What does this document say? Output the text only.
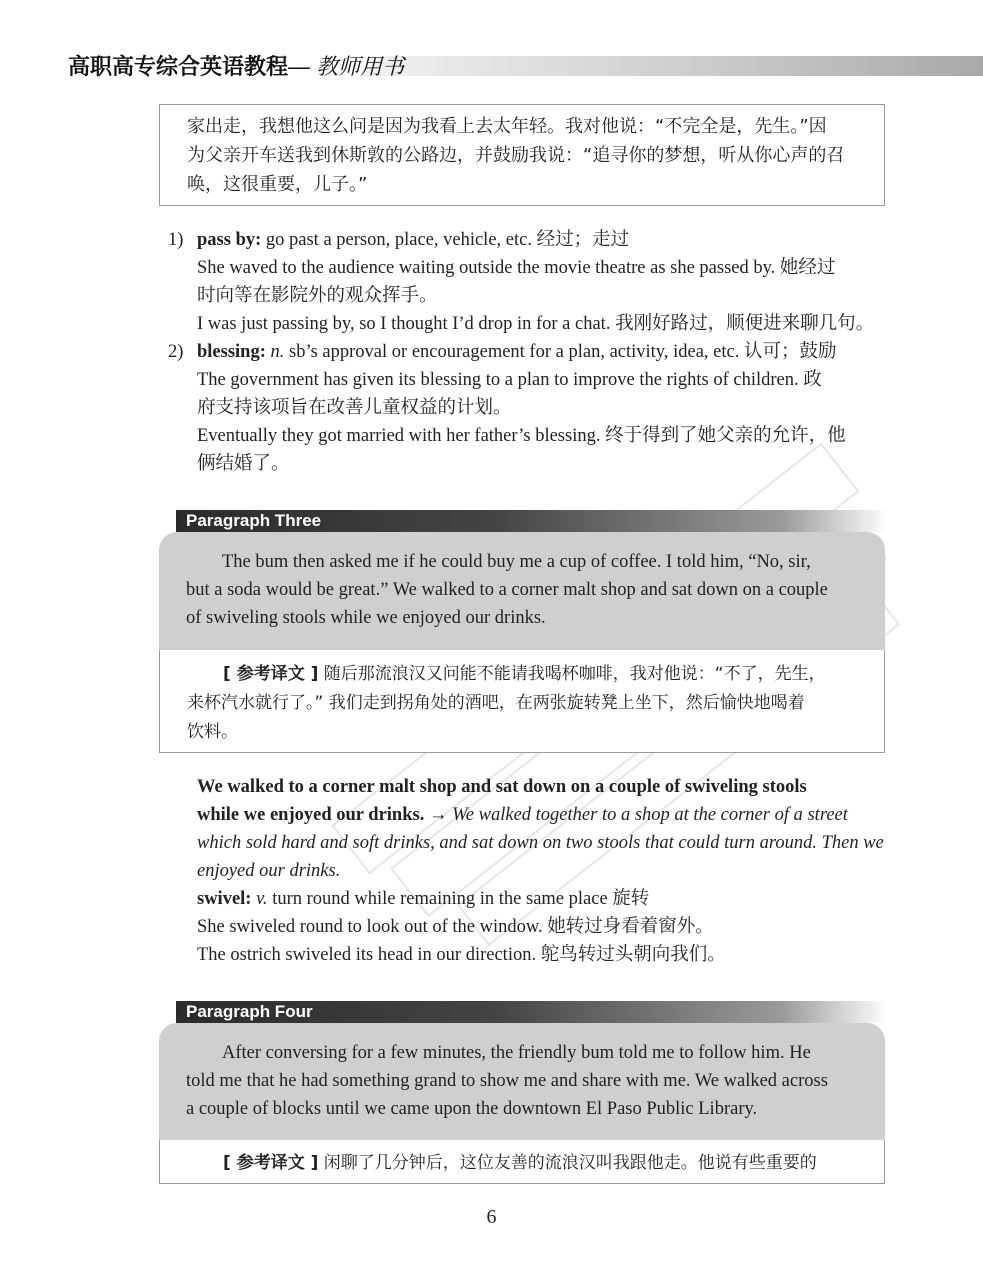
高职高专综合英语教程— 教师用书

家出走，我想他这么问是因为我看上去太年轻。我对他说：“不完全是，先生。”因

为父亲开车送我到休斯敦的公路边，并鼓励我说：“追寻你的梦想，听从你心声的召

唤，这很重要，儿子。”

1) pass by: go past a person, place, vehicle, etc. 经过；走过
She waved to the audience waiting outside the movie theatre as she passed by. 她经过
时向等在影院外的观众挥手。
I was just passing by, so I thought I’d drop in for a chat. 我刚好路过，顺便进来聊几句。
2) blessing: n. sb’s approval or encouragement for a plan, activity, idea, etc. 认可；鼓励
The government has given its blessing to a plan to improve the rights of children. 政
府支持该项旨在改善儿童权益的计划。
Eventually they got married with her father’s blessing. 终于得到了她父亲的允许，他
俩结婚了。
Paragraph Three

The bum then asked me if he could buy me a cup of coffee. I told him, “No, sir,

but a soda would be great.” We walked to a corner malt shop and sat down on a couple

of swiveling stools while we enjoyed our drinks.

[ 参考译文 ] 随后那流浪汉又问能不能请我喝杯咖啡，我对他说：“不了，先生，

来杯汽水就行了。” 我们走到拐角处的酒吧，在两张旋转凳上坐下，然后愉快地喝着

饮料。

We walked to a corner malt shop and sat down on a couple of swiveling stools
while we enjoyed our drinks. → We walked together to a shop at the corner of a street
which sold hard and soft drinks, and sat down on two stools that could turn around. Then we
enjoyed our drinks.
swivel: v. turn round while remaining in the same place 旋转
She swiveled round to look out of the window. 她转过身看着窗外。
The ostrich swiveled its head in our direction. 鸵鸟转过头朝向我们。
Paragraph Four

After conversing for a few minutes, the friendly bum told me to follow him. He

told me that he had something grand to show me and share with me. We walked across

a couple of blocks until we came upon the downtown El Paso Public Library.

[ 参考译文 ] 闲聊了几分钟后，这位友善的流浪汉叫我跟他走。他说有些重要的

6
